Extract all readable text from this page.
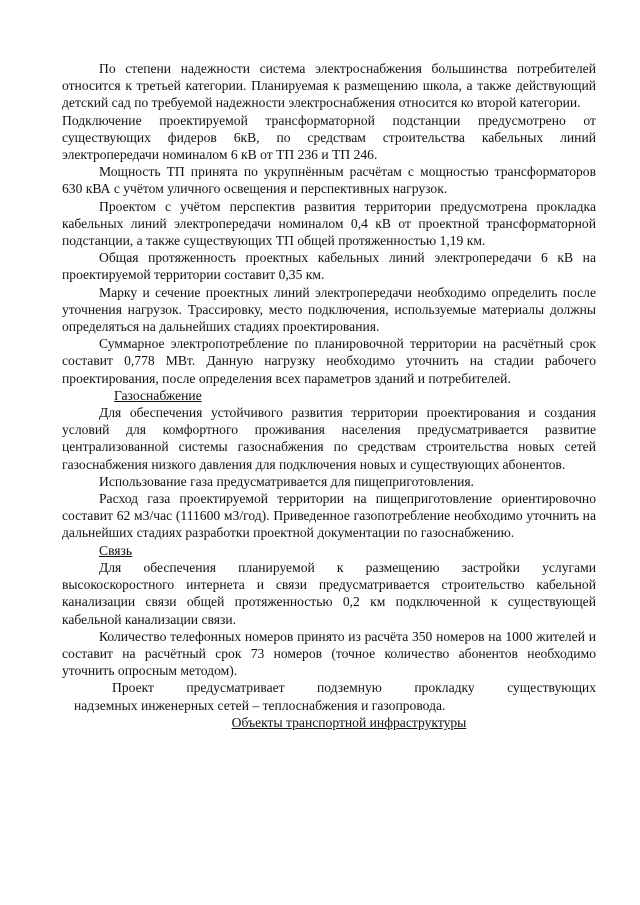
По степени надежности система электроснабжения большинства потребителей относится к третьей категории. Планируемая к размещению школа, а также действующий детский сад по требуемой надежности электроснабжения относится ко второй категории.

Подключение проектируемой трансформаторной подстанции предусмотрено от существующих фидеров 6кВ, по средствам строительства кабельных линий электропередачи номиналом 6 кВ от ТП 236 и ТП 246.

Мощность ТП принята по укрупнённым расчётам с мощностью трансформаторов 630 кВА с учётом уличного освещения и перспективных нагрузок.

Проектом с учётом перспектив развития территории предусмотрена прокладка кабельных линий электропередачи номиналом 0,4 кВ от проектной трансформаторной подстанции, а также существующих ТП общей протяженностью 1,19 км.

Общая протяженность проектных кабельных линий электропередачи 6 кВ на проектируемой территории составит 0,35 км.

Марку и сечение проектных линий электропередачи необходимо определить после уточнения нагрузок. Трассировку, место подключения, используемые материалы должны определяться на дальнейших стадиях проектирования.

Суммарное электропотребление по планировочной территории на расчётный срок составит 0,778 МВт. Данную нагрузку необходимо уточнить на стадии рабочего проектирования, после определения всех параметров зданий и потребителей.

Газоснабжение

Для обеспечения устойчивого развития территории проектирования и создания условий для комфортного проживания населения предусматривается развитие централизованной системы газоснабжения по средствам строительства новых сетей газоснабжения низкого давления для подключения новых и существующих абонентов.

Использование газа предусматривается для пищеприготовления.

Расход газа проектируемой территории на пищеприготовление ориентировочно составит 62 м3/час (111600 м3/год). Приведенное газопотребление необходимо уточнить на дальнейших стадиях разработки проектной документации по газоснабжению.

Связь

Для обеспечения планируемой к размещению застройки услугами высокоскоростного интернета и связи предусматривается строительство кабельной канализации связи общей протяженностью 0,2 км подключенной к существующей кабельной канализации связи.

Количество телефонных номеров принято из расчёта 350 номеров на 1000 жителей и составит на расчётный срок 73 номеров (точное количество абонентов необходимо уточнить опросным методом).

Проект предусматривает подземную прокладку существующих

надземных инженерных сетей – теплоснабжения и газопровода.

Объекты транспортной инфраструктуры
